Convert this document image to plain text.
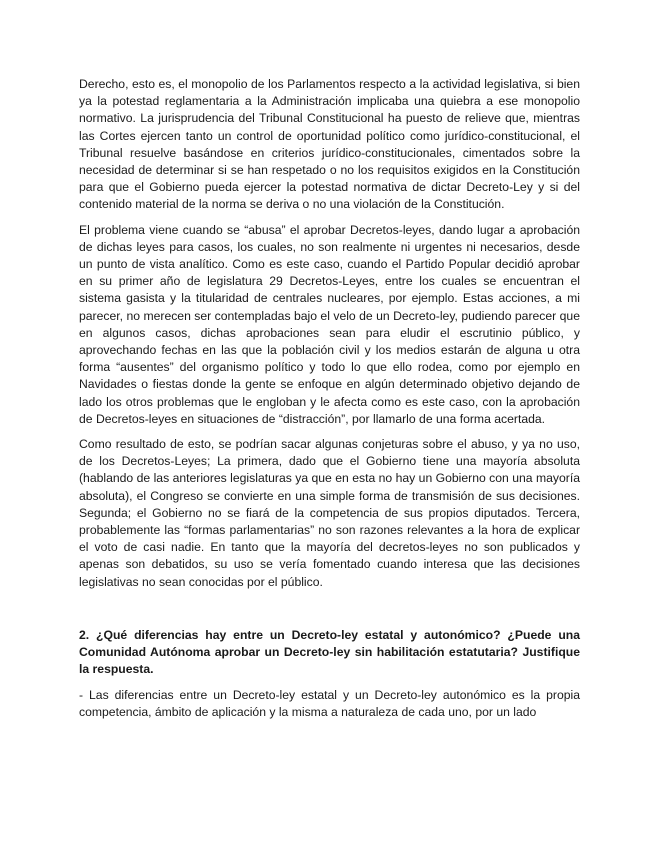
Derecho, esto es, el monopolio de los Parlamentos respecto a la actividad legislativa, si bien ya la potestad reglamentaria a la Administración implicaba una quiebra a ese monopolio normativo. La jurisprudencia del Tribunal Constitucional ha puesto de relieve que, mientras las Cortes ejercen tanto un control de oportunidad político como jurídico-constitucional, el Tribunal resuelve basándose en criterios jurídico-constitucionales, cimentados sobre la necesidad de determinar si se han respetado o no los requisitos exigidos en la Constitución para que el Gobierno pueda ejercer la potestad normativa de dictar Decreto-Ley y si del contenido material de la norma se deriva o no una violación de la Constitución.

El problema viene cuando se “abusa” el aprobar Decretos-leyes, dando lugar a aprobación de dichas leyes para casos, los cuales, no son realmente ni urgentes ni necesarios, desde un punto de vista analítico. Como es este caso, cuando el Partido Popular decidió aprobar en su primer año de legislatura 29 Decretos-Leyes, entre los cuales se encuentran el sistema gasista y la titularidad de centrales nucleares, por ejemplo. Estas acciones, a mi parecer, no merecen ser contempladas bajo el velo de un Decreto-ley, pudiendo parecer que en algunos casos, dichas aprobaciones sean para eludir el escrutinio público, y aprovechando fechas en las que la población civil y los medios estarán de alguna u otra forma “ausentes” del organismo político y todo lo que ello rodea, como por ejemplo en Navidades o fiestas donde la gente se enfoque en algún determinado objetivo dejando de lado los otros problemas que le engloban y le afecta como es este caso, con la aprobación de Decretos-leyes en situaciones de “distracción”, por llamarlo de una forma acertada.

Como resultado de esto, se podrían sacar algunas conjeturas sobre el abuso, y ya no uso, de los Decretos-Leyes; La primera, dado que el Gobierno tiene una mayoría absoluta (hablando de las anteriores legislaturas ya que en esta no hay un Gobierno con una mayoría absoluta), el Congreso se convierte en una simple forma de transmisión de sus decisiones. Segunda; el Gobierno no se fiará de la competencia de sus propios diputados. Tercera, probablemente las “formas parlamentarias” no son razones relevantes a la hora de explicar el voto de casi nadie. En tanto que la mayoría del decretos-leyes no son publicados y apenas son debatidos, su uso se vería fomentado cuando interesa que las decisiones legislativas no sean conocidas por el público.

2. ¿Qué diferencias hay entre un Decreto-ley estatal y autonómico? ¿Puede una Comunidad Autónoma aprobar un Decreto-ley sin habilitación estatutaria? Justifique la respuesta.

- Las diferencias entre un Decreto-ley estatal y un Decreto-ley autonómico es la propia competencia, ámbito de aplicación y la misma a naturaleza de cada uno, por un lado
